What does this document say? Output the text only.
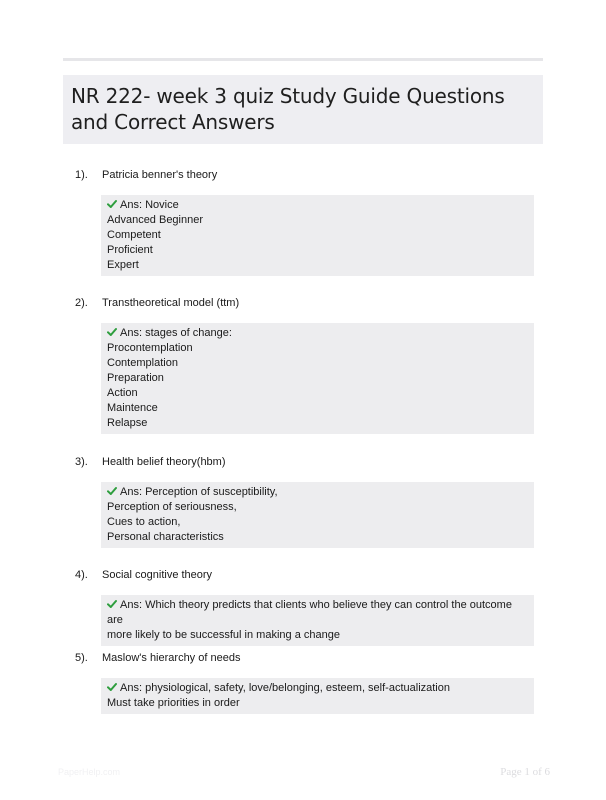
NR 222- week 3 quiz Study Guide Questions and Correct Answers
1).	Patricia benner's theory
Ans: Novice
Advanced Beginner
Competent
Proficient
Expert
2).	Transtheoretical model (ttm)
Ans: stages of change:
Procontemplation
Contemplation
Preparation
Action
Maintence
Relapse
3).	Health belief theory(hbm)
Ans: Perception of susceptibility,
Perception of seriousness,
Cues to action,
Personal characteristics
4).	Social cognitive theory
Ans: Which theory predicts that clients who believe they can control the outcome are
more likely to be successful in making a change
5).	Maslow's hierarchy of needs
Ans: physiological, safety, love/belonging, esteem, self-actualization
Must take priorities in order
PaperHelp.com	Page 1 of 6
